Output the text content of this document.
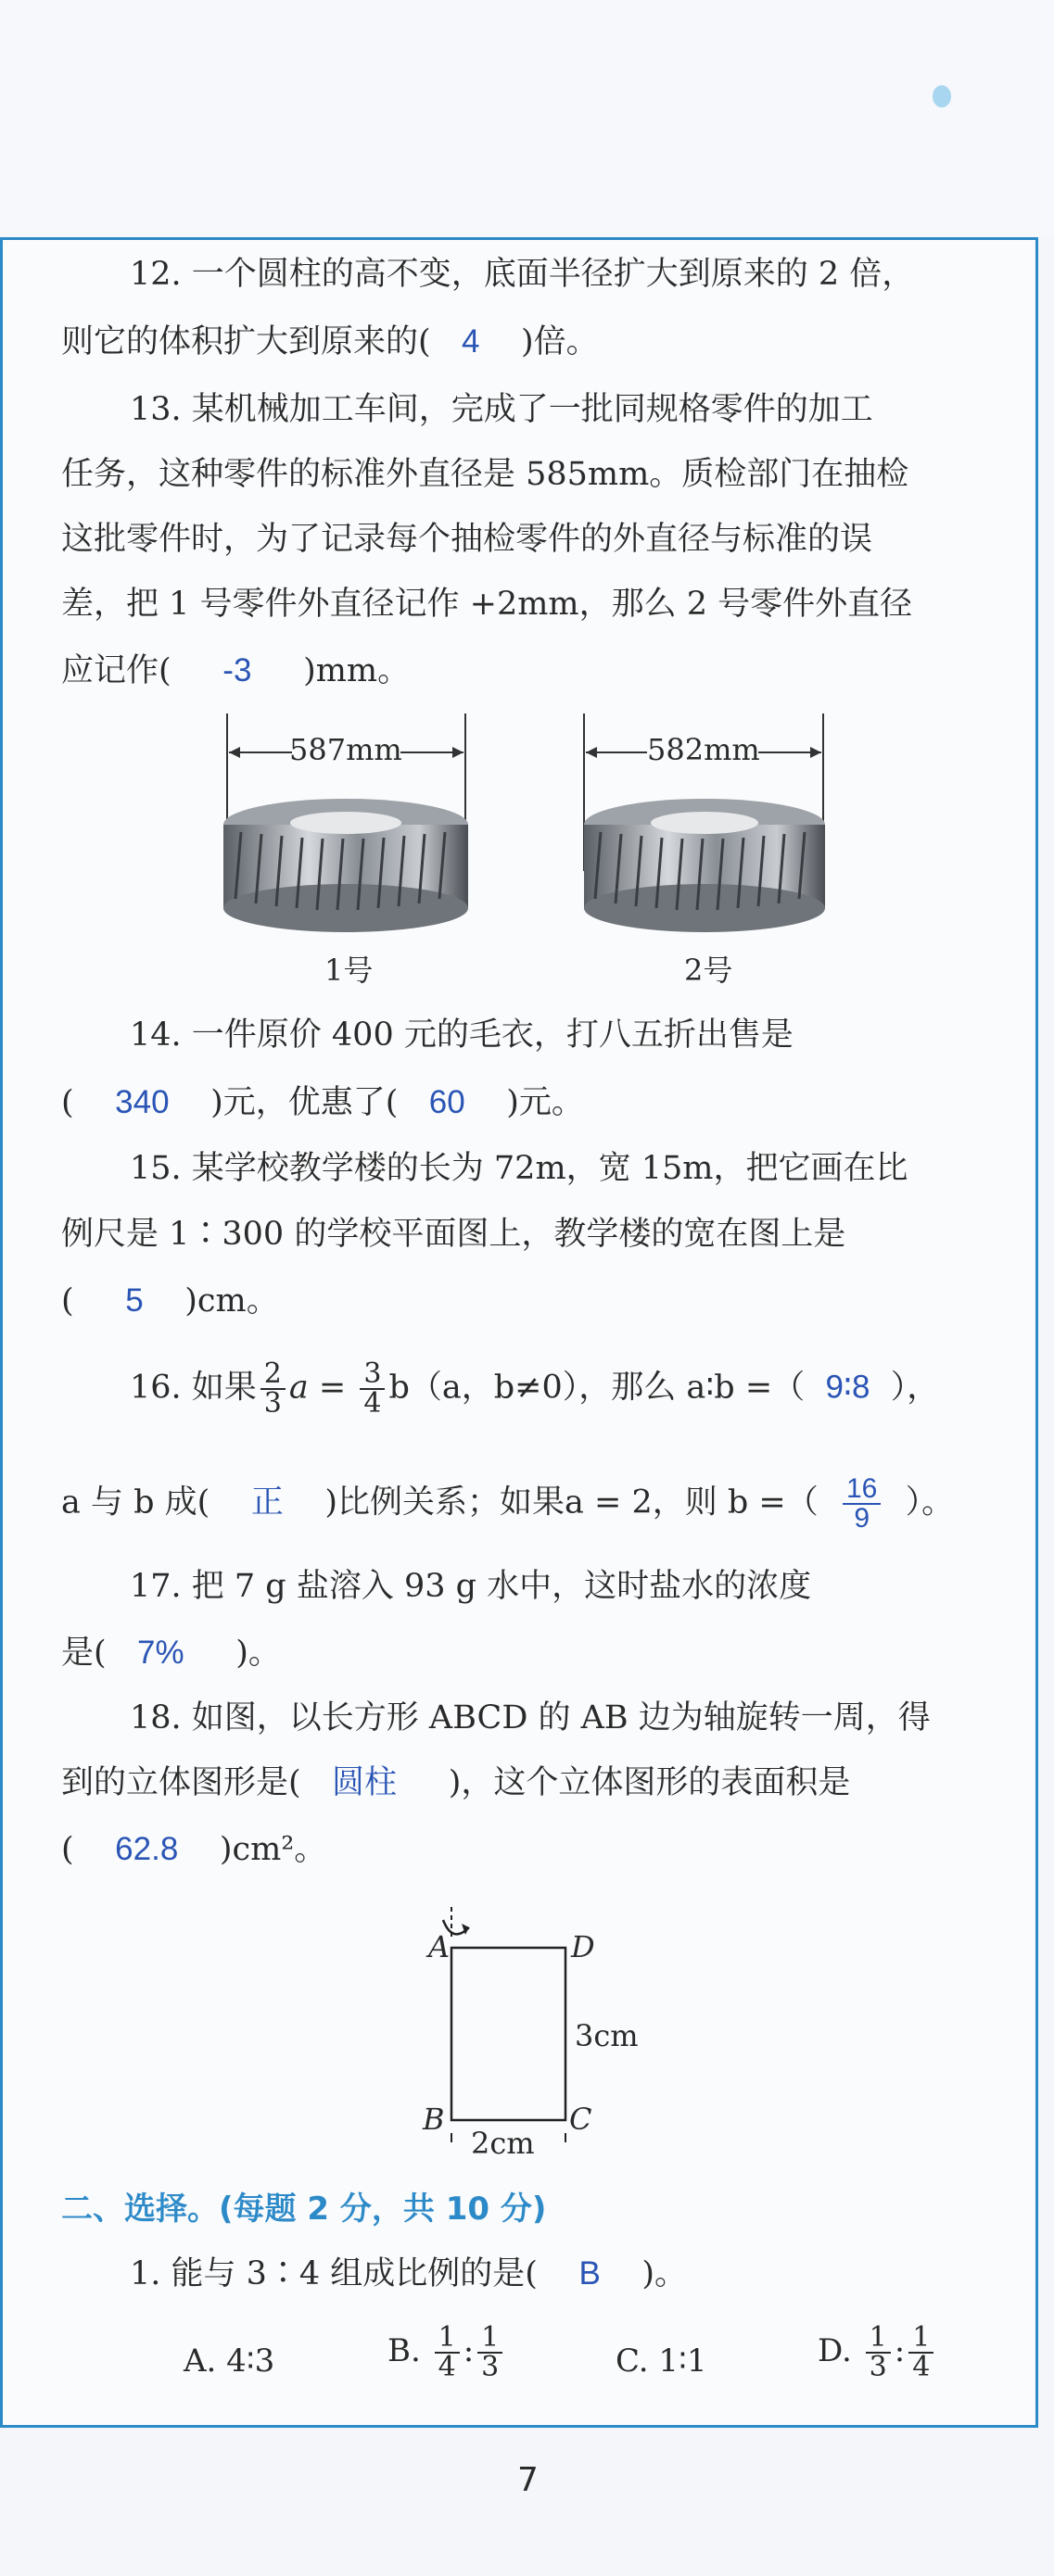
12. 一个圆柱的高不变，底面半径扩大到原来的 2 倍，
则它的体积扩大到原来的( 4 )倍。
13. 某机械加工车间，完成了一批同规格零件的加工
任务，这种零件的标准外直径是 585mm。质检部门在抽检
这批零件时，为了记录每个抽检零件的外直径与标准的误
差，把 1 号零件外直径记作 +2mm，那么 2 号零件外直径
应记作( -3 )mm。
587mm	582mm
1号	2号
14. 一件原价 400 元的毛衣，打八五折出售是
( 340 )元，优惠了( 60 )元。
15. 某学校教学楼的长为 72m，宽 15m，把它画在比
例尺是 1∶300 的学校平面图上，教学楼的宽在图上是
( 5 )cm。
16. 如果 $\frac{2}{3}$ $a = \frac{3}{4} b(a$，b≠0），那么 a∶b =（ 9∶8 ），
a 与 b 成( 正 )比例关系；如果a = 2，则 b =（ $\frac{16}{9}$ ）。
17. 把 7 g 盐溶入 93 g 水中，这时盐水的浓度
是( 7% )。
18. 如图，以长方形 ABCD 的 AB 边为轴旋转一周，得
到的立体图形是( 圆柱 )，这个立体图形的表面积是
( 62.8 )cm²。
A	D
B	C
3cm
2cm
二、选择。(每题 2 分，共 10 分)
1. 能与 3∶4 组成比例的是( B )。
A. 4∶3	B. $\frac{1}{4}$ : $\frac{1}{3}$	C. 1∶1	D. $\frac{1}{3}$ : $\frac{1}{4}$
7
